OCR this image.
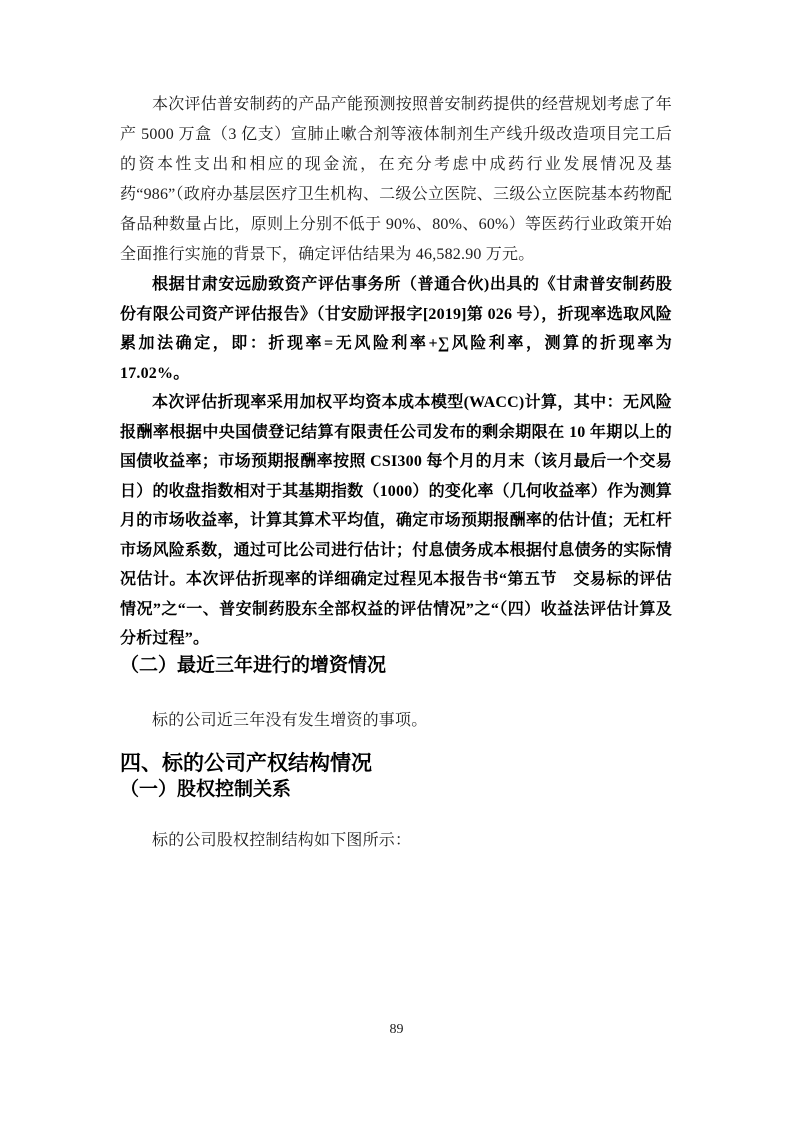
本次评估普安制药的产品产能预测按照普安制药提供的经营规划考虑了年产 5000 万盒（3 亿支）宣肺止嗽合剂等液体制剂生产线升级改造项目完工后的资本性支出和相应的现金流，在充分考虑中成药行业发展情况及基药“986”（政府办基层医疗卫生机构、二级公立医院、三级公立医院基本药物配备品种数量占比，原则上分别不低于 90%、80%、60%）等医药行业政策开始全面推行实施的背景下，确定评估结果为 46,582.90 万元。

根据甘肃安远励致资产评估事务所（普通合伙)出具的《甘肃普安制药股份有限公司资产评估报告》（甘安励评报字[2019]第 026 号），折现率选取风险累加法确定，即：折现率=无风险利率+∑风险利率，测算的折现率为 17.02%。

本次评估折现率采用加权平均资本成本模型(WACC)计算，其中：无风险报酬率根据中央国债登记结算有限责任公司发布的剩余期限在 10 年期以上的国债收益率；市场预期报酬率按照 CSI300 每个月的月末（该月最后一个交易日）的收盘指数相对于其基期指数（1000）的变化率（几何收益率）作为测算月的市场收益率，计算其算术平均值，确定市场预期报酬率的估计值；无杠杆市场风险系数，通过可比公司进行估计；付息债务成本根据付息债务的实际情况估计。本次评估折现率的详细确定过程见本报告书“第五节　交易标的评估情况”之“一、普安制药股东全部权益的评估情况”之“（四）收益法评估计算及分析过程”。

（二）最近三年进行的增资情况

标的公司近三年没有发生增资的事项。

四、标的公司产权结构情况
（一）股权控制关系

标的公司股权控制结构如下图所示：

89
